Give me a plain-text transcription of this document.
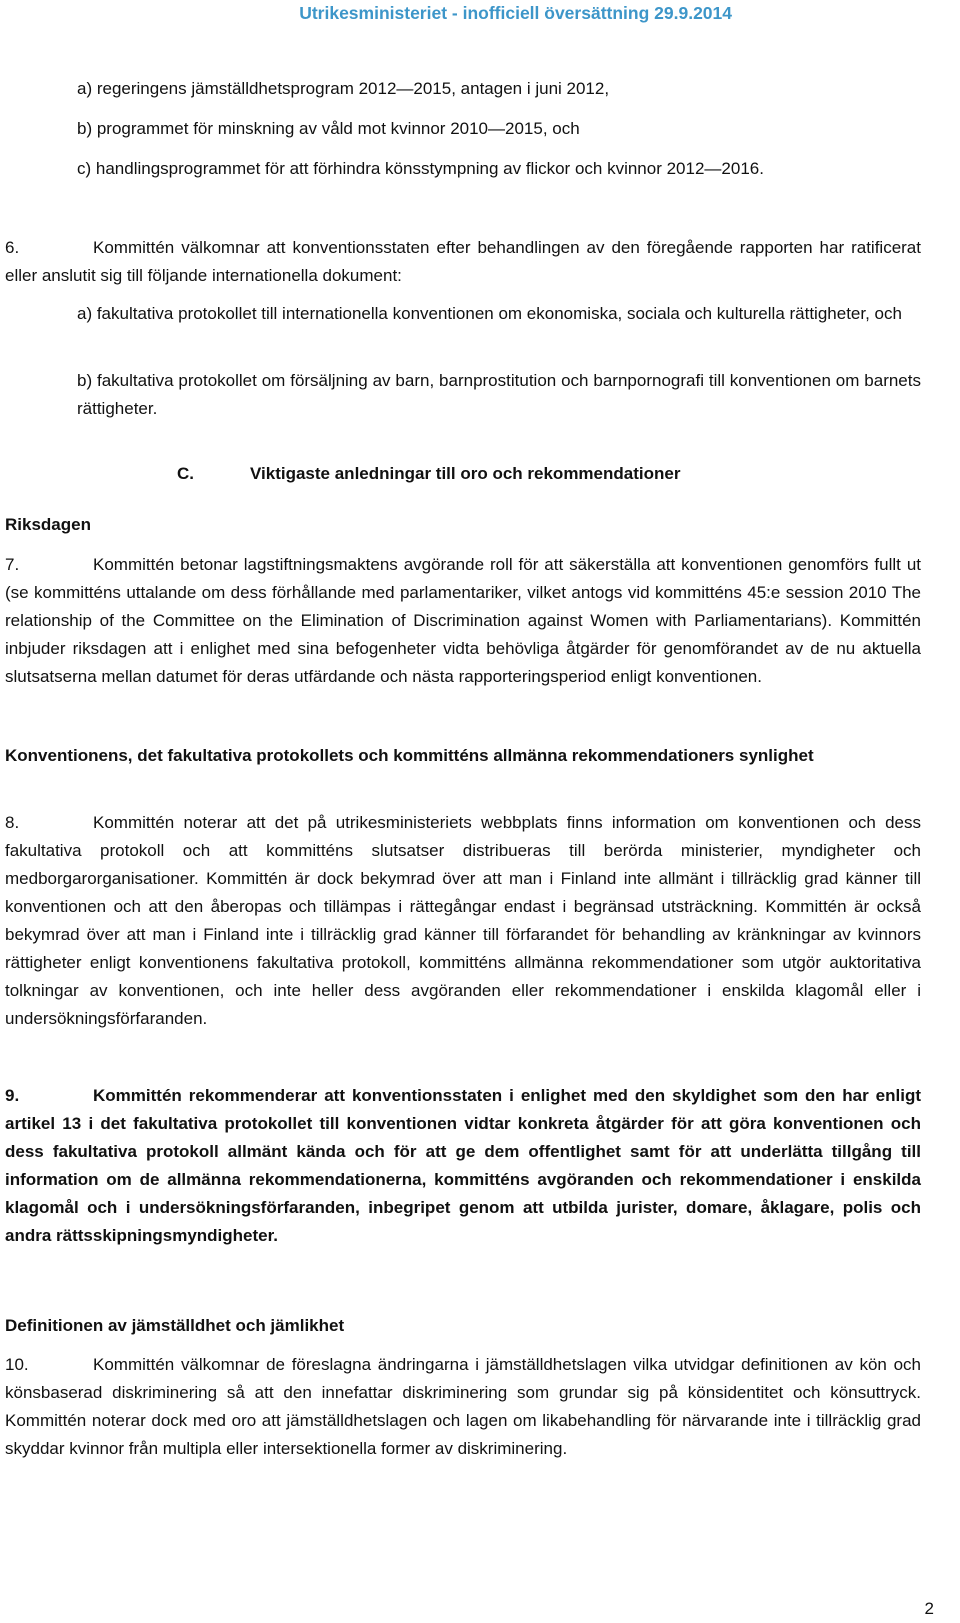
Utrikesministeriet - inofficiell översättning 29.9.2014

a) regeringens jämställdhetsprogram 2012—2015, antagen i juni 2012,

b) programmet för minskning av våld mot kvinnor 2010—2015, och

c) handlingsprogrammet för att förhindra könsstympning av flickor och kvinnor 2012—2016.

6.	Kommittén välkomnar att konventionsstaten efter behandlingen av den föregående rapporten har ratificerat eller anslutit sig till följande internationella dokument:

a) fakultativa protokollet till internationella konventionen om ekonomiska, sociala och kulturella rättigheter, och

b) fakultativa protokollet om försäljning av barn, barnprostitution och barnpornografi till konventionen om barnets rättigheter.

C.	Viktigaste anledningar till oro och rekommendationer

Riksdagen

7.	Kommittén betonar lagstiftningsmaktens avgörande roll för att säkerställa att konventionen genomförs fullt ut (se kommitténs uttalande om dess förhållande med parlamentariker, vilket antogs vid kommitténs 45:e session 2010 The relationship of the Committee on the Elimination of Discrimination against Women with Parliamentarians). Kommittén inbjuder riksdagen att i enlighet med sina befogenheter vidta behövliga åtgärder för genomförandet av de nu aktuella slutsatserna mellan datumet för deras utfärdande och nästa rapporteringsperiod enligt konventionen.

Konventionens, det fakultativa protokollets och kommitténs allmänna rekommendationers synlighet

8.	Kommittén noterar att det på utrikesministeriets webbplats finns information om konventionen och dess fakultativa protokoll och att kommitténs slutsatser distribueras till berörda ministerier, myndigheter och medborgarorganisationer. Kommittén är dock bekymrad över att man i Finland inte allmänt i tillräcklig grad känner till konventionen och att den åberopas och tillämpas i rättegångar endast i begränsad utsträckning. Kommittén är också bekymrad över att man i Finland inte i tillräcklig grad känner till förfarandet för behandling av kränkningar av kvinnors rättigheter enligt konventionens fakultativa protokoll, kommitténs allmänna rekommendationer som utgör auktoritativa tolkningar av konventionen, och inte heller dess avgöranden eller rekommendationer i enskilda klagomål eller i undersökningsförfaranden.

9.	Kommittén rekommenderar att konventionsstaten i enlighet med den skyldighet som den har enligt artikel 13 i det fakultativa protokollet till konventionen vidtar konkreta åtgärder för att göra konventionen och dess fakultativa protokoll allmänt kända och för att ge dem offentlighet samt för att underlätta tillgång till information om de allmänna rekommendationerna, kommitténs avgöranden och rekommendationer i enskilda klagomål och i undersökningsförfaranden, inbegripet genom att utbilda jurister, domare, åklagare, polis och andra rättsskipningsmyndigheter.

Definitionen av jämställdhet och jämlikhet

10.	Kommittén välkomnar de föreslagna ändringarna i jämställdhetslagen vilka utvidgar definitionen av kön och könsbaserad diskriminering så att den innefattar diskriminering som grundar sig på könsidentitet och könsuttryck. Kommittén noterar dock med oro att jämställdhetslagen och lagen om likabehandling för närvarande inte i tillräcklig grad skyddar kvinnor från multipla eller intersektionella former av diskriminering.

2
